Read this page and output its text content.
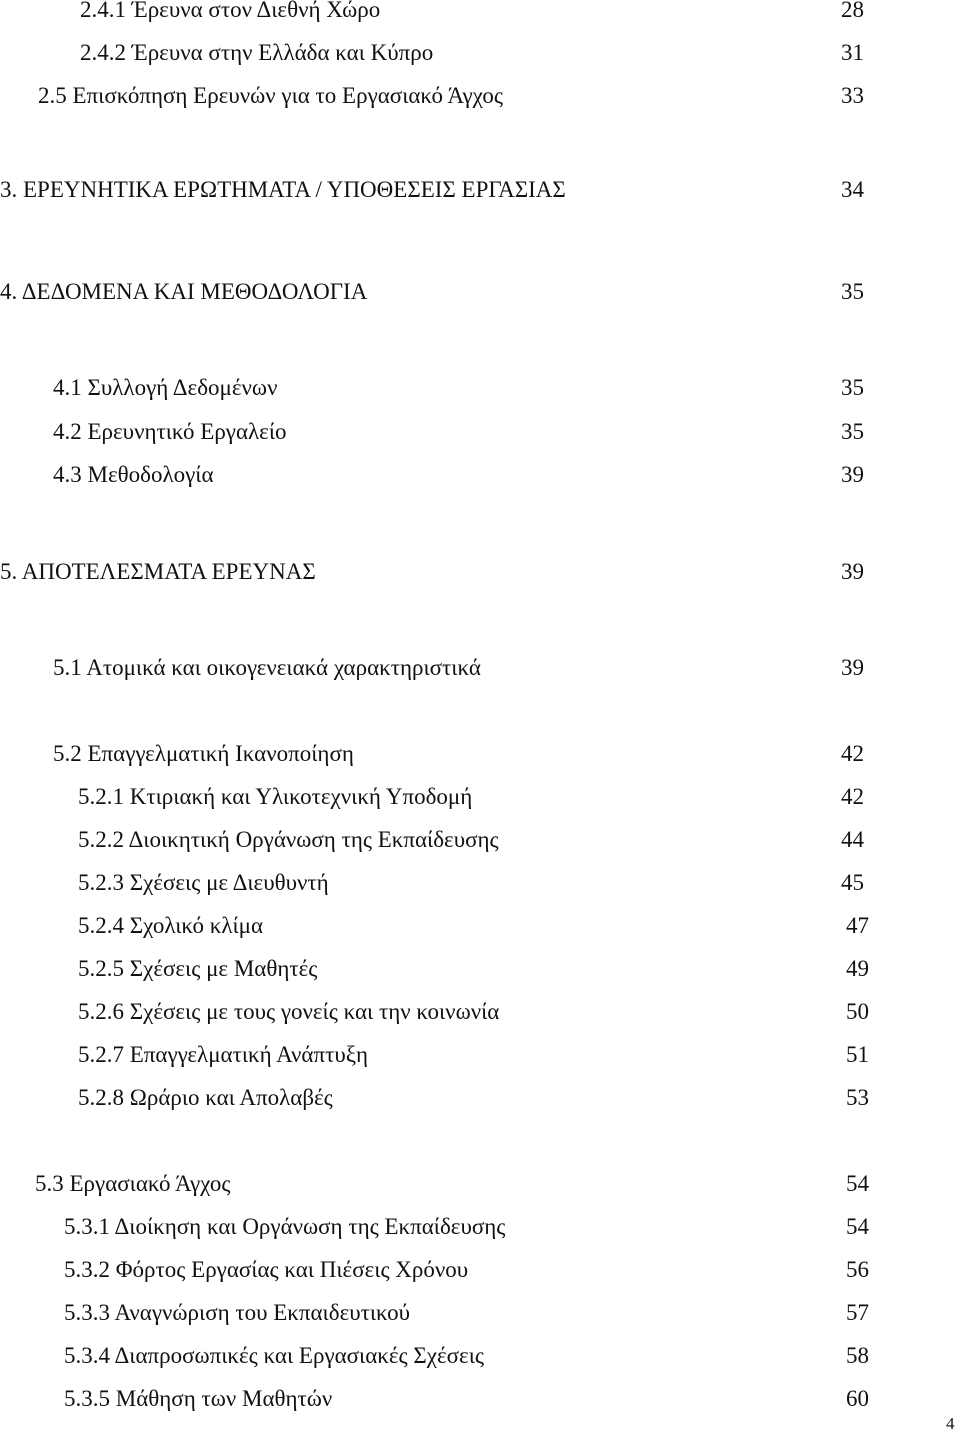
2.4.1 Έρευνα στον Διεθνή Χώρο	28
2.4.2 Έρευνα στην Ελλάδα και Κύπρο	31
2.5 Επισκόπηση Ερευνών για το Εργασιακό Άγχος	33
3. ΕΡΕΥΝΗΤΙΚΑ ΕΡΩΤΗΜΑΤΑ / ΥΠΟΘΕΣΕΙΣ ΕΡΓΑΣΙΑΣ	34
4. ΔΕΔΟΜΕΝΑ ΚΑΙ ΜΕΘΟΔΟΛΟΓΙΑ	35
4.1 Συλλογή Δεδομένων	35
4.2 Ερευνητικό Εργαλείο	35
4.3 Μεθοδολογία	39
5. ΑΠΟΤΕΛΕΣΜΑΤΑ ΕΡΕΥΝΑΣ	39
5.1 Ατομικά και οικογενειακά χαρακτηριστικά	39
5.2 Επαγγελματική Ικανοποίηση	42
5.2.1 Κτιριακή και Υλικοτεχνική Υποδομή	42
5.2.2 Διοικητική Οργάνωση της Εκπαίδευσης	44
5.2.3 Σχέσεις με Διευθυντή	45
5.2.4 Σχολικό κλίμα	47
5.2.5 Σχέσεις με Μαθητές	49
5.2.6 Σχέσεις με τους γονείς και την κοινωνία	50
5.2.7 Επαγγελματική Ανάπτυξη	51
5.2.8 Ωράριο και Απολαβές	53
5.3 Εργασιακό Άγχος	54
5.3.1 Διοίκηση και Οργάνωση της Εκπαίδευσης	54
5.3.2 Φόρτος Εργασίας και Πιέσεις Χρόνου	56
5.3.3 Αναγνώριση του Εκπαιδευτικού	57
5.3.4 Διαπροσωπικές και Εργασιακές Σχέσεις	58
5.3.5 Μάθηση των Μαθητών	60
4
